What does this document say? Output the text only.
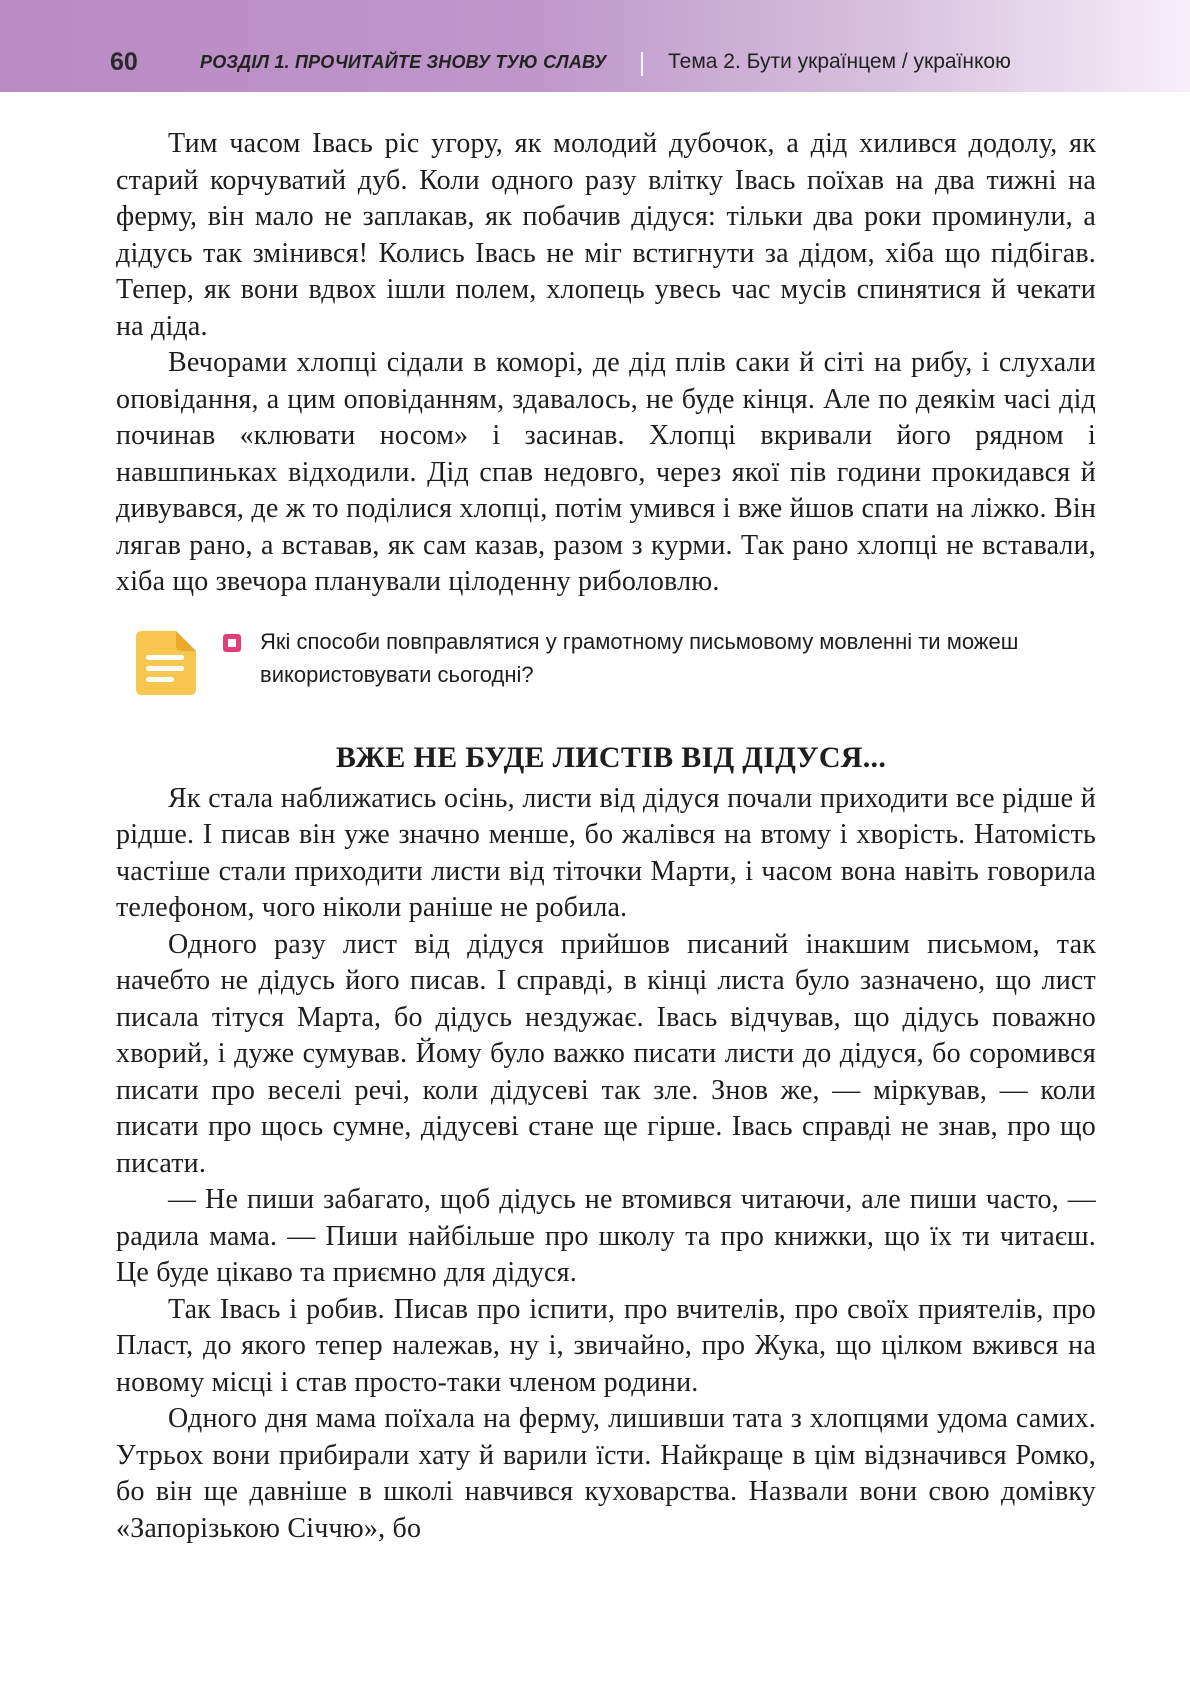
60	РОЗДІЛ 1. ПРОЧИТАЙТЕ ЗНОВУ ТУЮ СЛАВУ	Тема 2. Бути українцем / українкою

Тим часом Івась ріс угору, як молодий дубочок, а дід хилився додолу, як старий корчуватий дуб. Коли одного разу влітку Івась поїхав на два тижні на ферму, він мало не заплакав, як побачив дідуся: тільки два роки проминули, а дідусь так змінився! Колись Івась не міг встигнути за дідом, хіба що підбігав. Тепер, як вони вдвох ішли полем, хлопець увесь час мусів спинятися й чекати на діда.

Вечорами хлопці сідали в коморі, де дід плів саки й сіті на рибу, і слухали оповідання, а цим оповіданням, здавалось, не буде кінця. Але по деякім часі дід починав «клювати носом» і засинав. Хлопці вкривали його рядном і навшпиньках відходили. Дід спав недовго, через якої пів години прокидався й дивувався, де ж то поділися хлопці, потім умився і вже йшов спати на ліжко. Він лягав рано, а вставав, як сам казав, разом з курми. Так рано хлопці не вставали, хіба що звечора планували цілоденну риболовлю.

Які способи повправлятися у грамотному письмовому мовленні ти можеш використовувати сьогодні?
ВЖЕ НЕ БУДЕ ЛИСТІВ ВІД ДІДУСЯ...

Як стала наближатись осінь, листи від дідуся почали приходити все рідше й рідше. І писав він уже значно менше, бо жалівся на втому і хворість. Натомість частіше стали приходити листи від тіточки Марти, і часом вона навіть говорила телефоном, чого ніколи раніше не робила.

Одного разу лист від дідуся прийшов писаний інакшим письмом, так начебто не дідусь його писав. І справді, в кінці листа було зазначено, що лист писала тітуся Марта, бо дідусь нездужає. Івась відчував, що дідусь поважно хворий, і дуже сумував. Йому було важко писати листи до дідуся, бо соромився писати про веселі речі, коли дідусеві так зле. Знов же, — міркував, — коли писати про щось сумне, дідусеві стане ще гірше. Івась справді не знав, про що писати.

— Не пиши забагато, щоб дідусь не втомився читаючи, але пиши часто, — радила мама. — Пиши найбільше про школу та про книжки, що їх ти читаєш. Це буде цікаво та приємно для дідуся.

Так Івась і робив. Писав про іспити, про вчителів, про своїх приятелів, про Пласт, до якого тепер належав, ну і, звичайно, про Жука, що цілком вжився на новому місці і став просто-таки членом родини.

Одного дня мама поїхала на ферму, лишивши тата з хлопцями удома самих. Утрьох вони прибирали хату й варили їсти. Найкраще в цім відзначився Ромко, бо він ще давніше в школі навчився куховарства. Назвали вони свою домівку «Запорізькою Січчю», бо
